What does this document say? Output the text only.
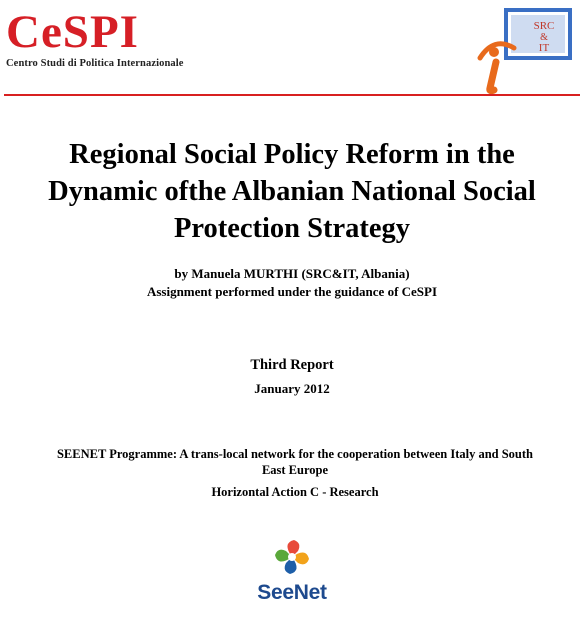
CeSPI
Centro Studi di Politica Internazionale
SRC
&
IT
Regional Social Policy Reform in the
Dynamic ofthe Albanian National Social
Protection Strategy
by Manuela MURTHI (SRC&IT, Albania)
Assignment performed under the guidance of CeSPI
Third Report
January 2012
SEENET Programme: A trans-local network for the cooperation between Italy and South
East Europe
Horizontal Action C - Research
SeeNet
